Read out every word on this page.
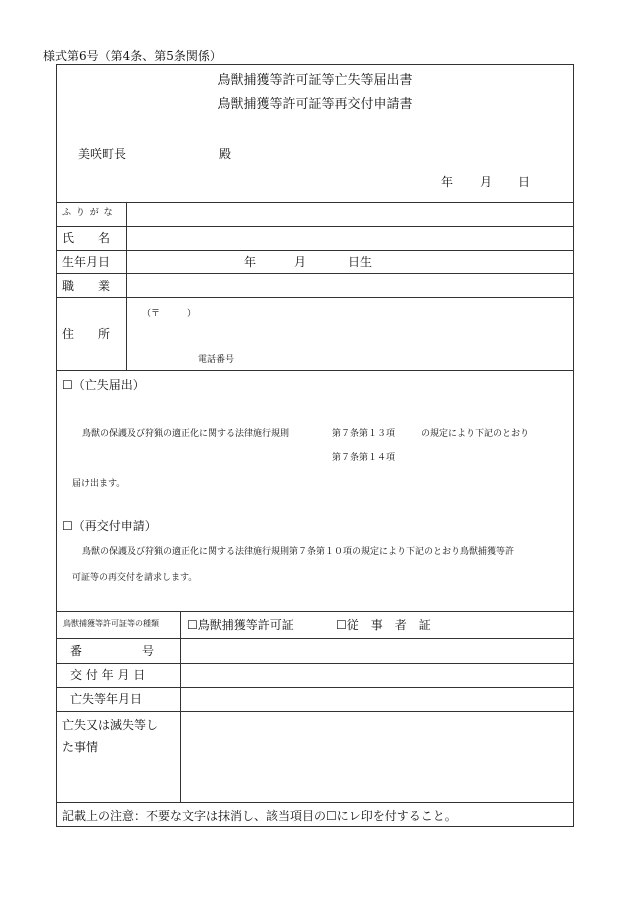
様式第6号（第4条、第5条関係）
鳥獣捕獲等許可証等亡失等届出書
鳥獣捕獲等許可証等再交付申請書
美咲町長	殿
年 月 日
ふ り が な
氏　　名
生年月日	年	月	日生
職　　業
住　　所
（〒　　　）
電話番号
☐（亡失届出）
鳥獣の保護及び狩猟の適正化に関する法律施行規則	第７条第１３項	の規定により下記のとおり
第７条第１４項
届け出ます。
☐（再交付申請）
鳥獣の保護及び狩猟の適正化に関する法律施行規則第７条第１０項の規定により下記のとおり鳥獣捕獲等許
可証等の再交付を請求します。
鳥獣捕獲等許可証等の種類 ☐鳥獣捕獲等許可証	☐従　事　者　証
番　　　　　号
交 付 年 月 日
亡失等年月日
亡失又は滅失等し
た事情
記載上の注意：不要な文字は抹消し、該当項目の☐にレ印を付すること。
